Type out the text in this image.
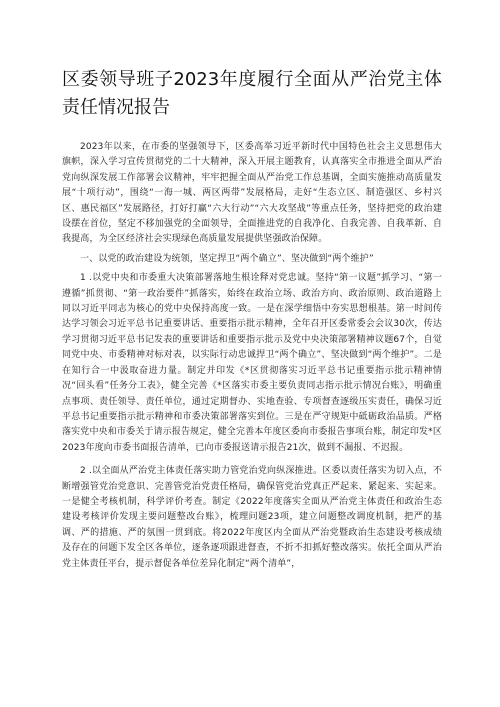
区委领导班子2023年度履行全面从严治党主体责任情况报告

2023年以来，在市委的坚强领导下，区委高举习近平新时代中国特色社会主义思想伟大旗帜，深入学习宣传贯彻党的二十大精神，深入开展主题教育，认真落实全市推进全面从严治党向纵深发展工作部署会议精神，牢牢把握全面从严治党工作总基调，全面实施推动高质量发展“十项行动”，围绕“一海一城、两区两带”发展格局，走好“生态立区、制造强区、乡村兴区、惠民福区”发展路径，打好打赢“六大行动”“六大攻坚战”等重点任务，坚持把党的政治建设摆在首位，坚定不移加强党的全面领导，全面推进党的自我净化、自我完善、自我革新、自我提高，为全区经济社会实现绿色高质量发展提供坚强政治保障。

一、以党的政治建设为统领，坚定捍卫“两个确立”、坚决做到“两个维护”

1 .以党中央和市委重大决策部署落地生根诠释对党忠诚。坚持“第一议题”抓学习、“第一遵循”抓贯彻、“第一政治要件”抓落实，始终在政治立场、政治方向、政治原则、政治道路上同以习近平同志为核心的党中央保持高度一致。一是在深学细悟中夯实思想根基。第一时间传达学习领会习近平总书记重要讲话、重要指示批示精神，全年召开区委常委会会议30次，传达学习贯彻习近平总书记发表的重要讲话和重要指示批示及党中央决策部署精神议题67个，自觉同党中央、市委精神对标对表，以实际行动忠诚捍卫“两个确立”、坚决做到“两个维护”。二是在知行合一中汲取奋进力量。制定并印发《*区贯彻落实习近平总书记重要指示批示精神情况“回头看”任务分工表》，健全完善《*区落实市委主要负责同志指示批示情况台账》，明确重点事项、责任领导、责任单位，通过定期督办、实地查验、专项督查逐级压实责任，确保习近平总书记重要指示批示精神和市委决策部署落实到位。三是在严守规矩中砥砺政治品质。严格落实党中央和市委关于请示报告规定，健全完善本年度区委向市委报告事项台账，制定印发*区2023年度向市委书面报告清单，已向市委报送请示报告21次，做到不漏报、不迟报。

2 .以全面从严治党主体责任落实助力管党治党向纵深推进。区委以责任落实为切入点，不断增强管党治党意识、完善管党治党责任格局，确保管党治党真正严起来、紧起来、实起来。一是健全考核机制，科学评价考查。制定《2022年度落实全面从严治党主体责任和政治生态建设考核评价发现主要问题整改台账》，梳理问题23项，建立问题整改调度机制，把严的基调、严的措施、严的氛围一贯到底。将2022年度区内全面从严治党暨政治生态建设考核成绩及存在的问题下发全区各单位，逐条逐项跟进督查，不折不扣抓好整改落实。依托全面从严治党主体责任平台，提示督促各单位差异化制定“两个清单”，
